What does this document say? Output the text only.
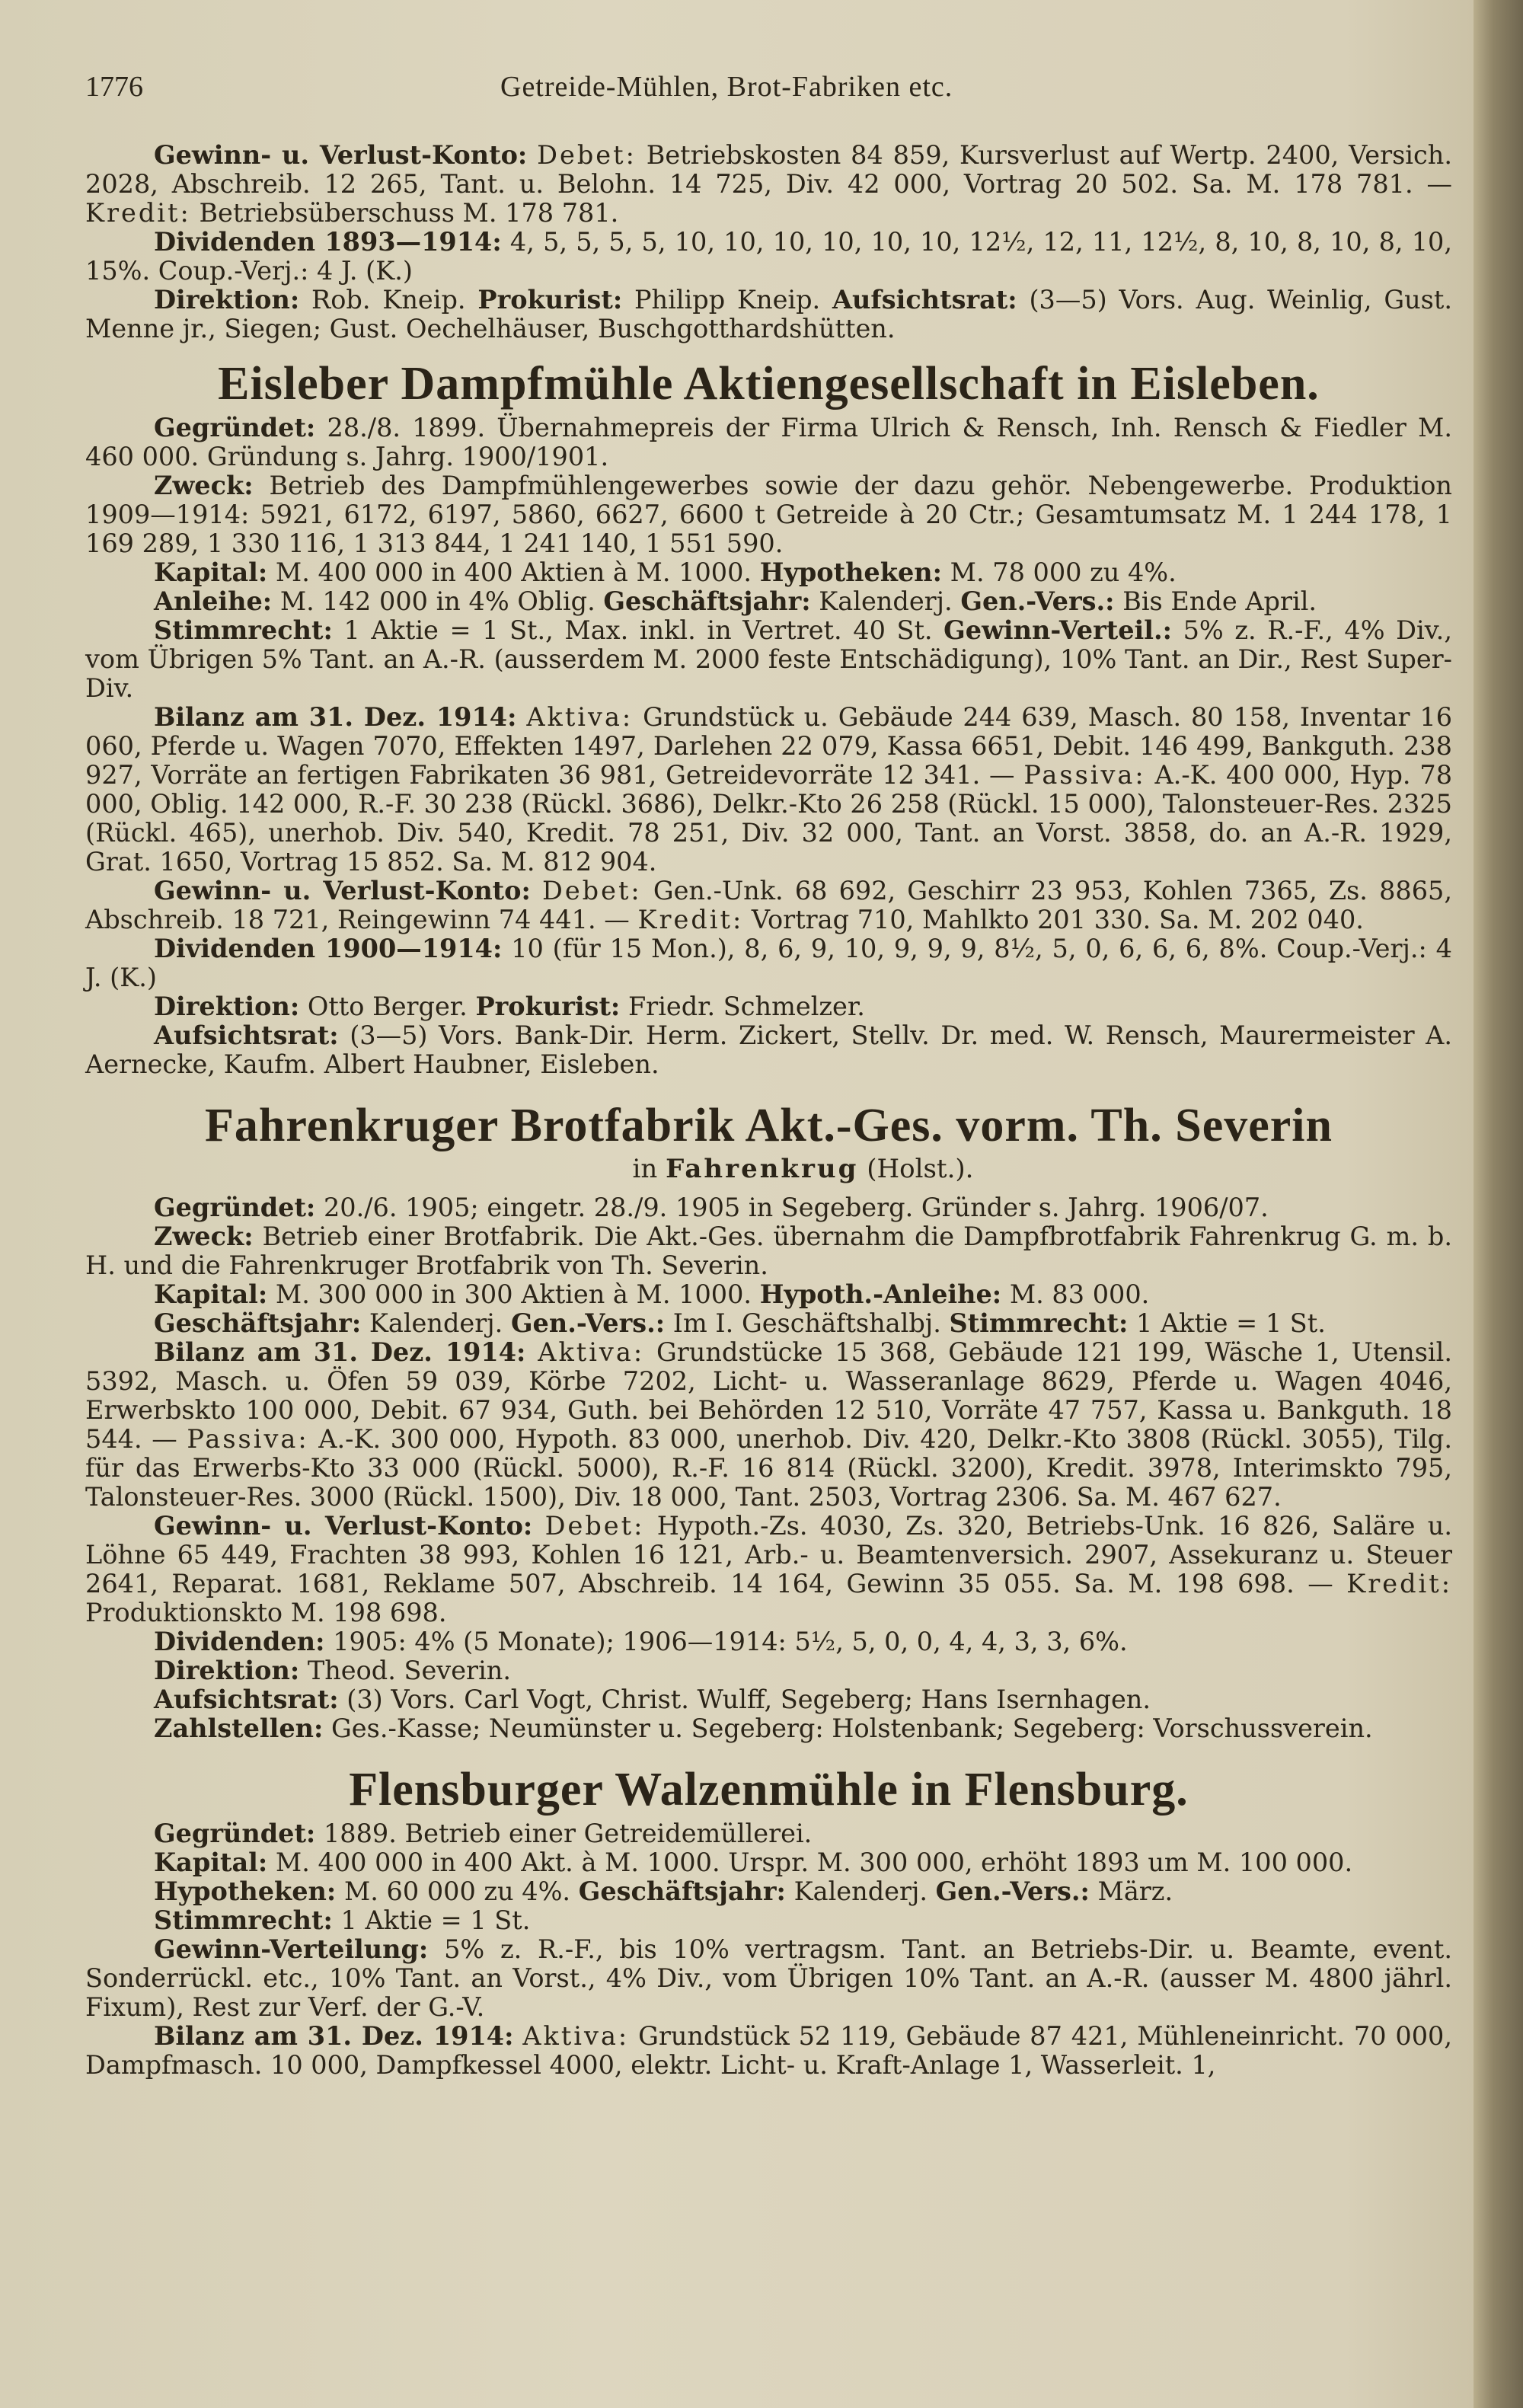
1776	Getreide-Mühlen, Brot-Fabriken etc.

Gewinn- u. Verlust-Konto: Debet: Betriebskosten 84 859, Kursverlust auf Wertp. 2400, Versich. 2028, Abschreib. 12 265, Tant. u. Belohn. 14 725, Div. 42 000, Vortrag 20 502. Sa. M. 178 781. — Kredit: Betriebsüberschuss M. 178 781.

Dividenden 1893—1914: 4, 5, 5, 5, 5, 10, 10, 10, 10, 10, 10, 12½, 12, 11, 12½, 8, 10, 8, 10, 8, 10, 15%. Coup.-Verj.: 4 J. (K.)

Direktion: Rob. Kneip. Prokurist: Philipp Kneip. Aufsichtsrat: (3—5) Vors. Aug. Weinlig, Gust. Menne jr., Siegen; Gust. Oechelhäuser, Buschgotthardshütten.

Eisleber Dampfmühle Aktiengesellschaft in Eisleben.

Gegründet: 28./8. 1899. Übernahmepreis der Firma Ulrich & Rensch, Inh. Rensch & Fiedler M. 460 000. Gründung s. Jahrg. 1900/1901.

Zweck: Betrieb des Dampfmühlengewerbes sowie der dazu gehör. Nebengewerbe. Produktion 1909—1914: 5921, 6172, 6197, 5860, 6627, 6600 t Getreide à 20 Ctr.; Gesamtumsatz M. 1 244 178, 1 169 289, 1 330 116, 1 313 844, 1 241 140, 1 551 590.

Kapital: M. 400 000 in 400 Aktien à M. 1000. Hypotheken: M. 78 000 zu 4%.

Anleihe: M. 142 000 in 4% Oblig. Geschäftsjahr: Kalenderj. Gen.-Vers.: Bis Ende April.

Stimmrecht: 1 Aktie = 1 St., Max. inkl. in Vertret. 40 St. Gewinn-Verteil.: 5% z. R.-F., 4% Div., vom Übrigen 5% Tant. an A.-R. (ausserdem M. 2000 feste Entschädigung), 10% Tant. an Dir., Rest Super-Div.

Bilanz am 31. Dez. 1914: Aktiva: Grundstück u. Gebäude 244 639, Masch. 80 158, Inventar 16 060, Pferde u. Wagen 7070, Effekten 1497, Darlehen 22 079, Kassa 6651, Debit. 146 499, Bankguth. 238 927, Vorräte an fertigen Fabrikaten 36 981, Getreidevorräte 12 341. — Passiva: A.-K. 400 000, Hyp. 78 000, Oblig. 142 000, R.-F. 30 238 (Rückl. 3686), Delkr.-Kto 26 258 (Rückl. 15 000), Talonsteuer-Res. 2325 (Rückl. 465), unerhob. Div. 540, Kredit. 78 251, Div. 32 000, Tant. an Vorst. 3858, do. an A.-R. 1929, Grat. 1650, Vortrag 15 852. Sa. M. 812 904.

Gewinn- u. Verlust-Konto: Debet: Gen.-Unk. 68 692, Geschirr 23 953, Kohlen 7365, Zs. 8865, Abschreib. 18 721, Reingewinn 74 441. — Kredit: Vortrag 710, Mahlkto 201 330. Sa. M. 202 040.

Dividenden 1900—1914: 10 (für 15 Mon.), 8, 6, 9, 10, 9, 9, 9, 8½, 5, 0, 6, 6, 6, 8%. Coup.-Verj.: 4 J. (K.)

Direktion: Otto Berger. Prokurist: Friedr. Schmelzer.

Aufsichtsrat: (3—5) Vors. Bank-Dir. Herm. Zickert, Stellv. Dr. med. W. Rensch, Maurermeister A. Aernecke, Kaufm. Albert Haubner, Eisleben.

Fahrenkruger Brotfabrik Akt.-Ges. vorm. Th. Severin

in Fahrenkrug (Holst.).

Gegründet: 20./6. 1905; eingetr. 28./9. 1905 in Segeberg. Gründer s. Jahrg. 1906/07.

Zweck: Betrieb einer Brotfabrik. Die Akt.-Ges. übernahm die Dampfbrotfabrik Fahrenkrug G. m. b. H. und die Fahrenkruger Brotfabrik von Th. Severin.

Kapital: M. 300 000 in 300 Aktien à M. 1000. Hypoth.-Anleihe: M. 83 000.

Geschäftsjahr: Kalenderj. Gen.-Vers.: Im I. Geschäftshalbj. Stimmrecht: 1 Aktie = 1 St.

Bilanz am 31. Dez. 1914: Aktiva: Grundstücke 15 368, Gebäude 121 199, Wäsche 1, Utensil. 5392, Masch. u. Öfen 59 039, Körbe 7202, Licht- u. Wasseranlage 8629, Pferde u. Wagen 4046, Erwerbskto 100 000, Debit. 67 934, Guth. bei Behörden 12 510, Vorräte 47 757, Kassa u. Bankguth. 18 544. — Passiva: A.-K. 300 000, Hypoth. 83 000, unerhob. Div. 420, Delkr.-Kto 3808 (Rückl. 3055), Tilg. für das Erwerbs-Kto 33 000 (Rückl. 5000), R.-F. 16 814 (Rückl. 3200), Kredit. 3978, Interimskto 795, Talonsteuer-Res. 3000 (Rückl. 1500), Div. 18 000, Tant. 2503, Vortrag 2306. Sa. M. 467 627.

Gewinn- u. Verlust-Konto: Debet: Hypoth.-Zs. 4030, Zs. 320, Betriebs-Unk. 16 826, Saläre u. Löhne 65 449, Frachten 38 993, Kohlen 16 121, Arb.- u. Beamtenversich. 2907, Assekuranz u. Steuer 2641, Reparat. 1681, Reklame 507, Abschreib. 14 164, Gewinn 35 055. Sa. M. 198 698. — Kredit: Produktionskto M. 198 698.

Dividenden: 1905: 4% (5 Monate); 1906—1914: 5½, 5, 0, 0, 4, 4, 3, 3, 6%.

Direktion: Theod. Severin.

Aufsichtsrat: (3) Vors. Carl Vogt, Christ. Wulff, Segeberg; Hans Isernhagen.

Zahlstellen: Ges.-Kasse; Neumünster u. Segeberg: Holstenbank; Segeberg: Vorschussverein.

Flensburger Walzenmühle in Flensburg.

Gegründet: 1889. Betrieb einer Getreidemüllerei.

Kapital: M. 400 000 in 400 Akt. à M. 1000. Urspr. M. 300 000, erhöht 1893 um M. 100 000.

Hypotheken: M. 60 000 zu 4%. Geschäftsjahr: Kalenderj. Gen.-Vers.: März.

Stimmrecht: 1 Aktie = 1 St.

Gewinn-Verteilung: 5% z. R.-F., bis 10% vertragsm. Tant. an Betriebs-Dir. u. Beamte, event. Sonderrückl. etc., 10% Tant. an Vorst., 4% Div., vom Übrigen 10% Tant. an A.-R. (ausser M. 4800 jährl. Fixum), Rest zur Verf. der G.-V.

Bilanz am 31. Dez. 1914: Aktiva: Grundstück 52 119, Gebäude 87 421, Mühleneinricht. 70 000, Dampfmasch. 10 000, Dampfkessel 4000, elektr. Licht- u. Kraft-Anlage 1, Wasserleit. 1,
